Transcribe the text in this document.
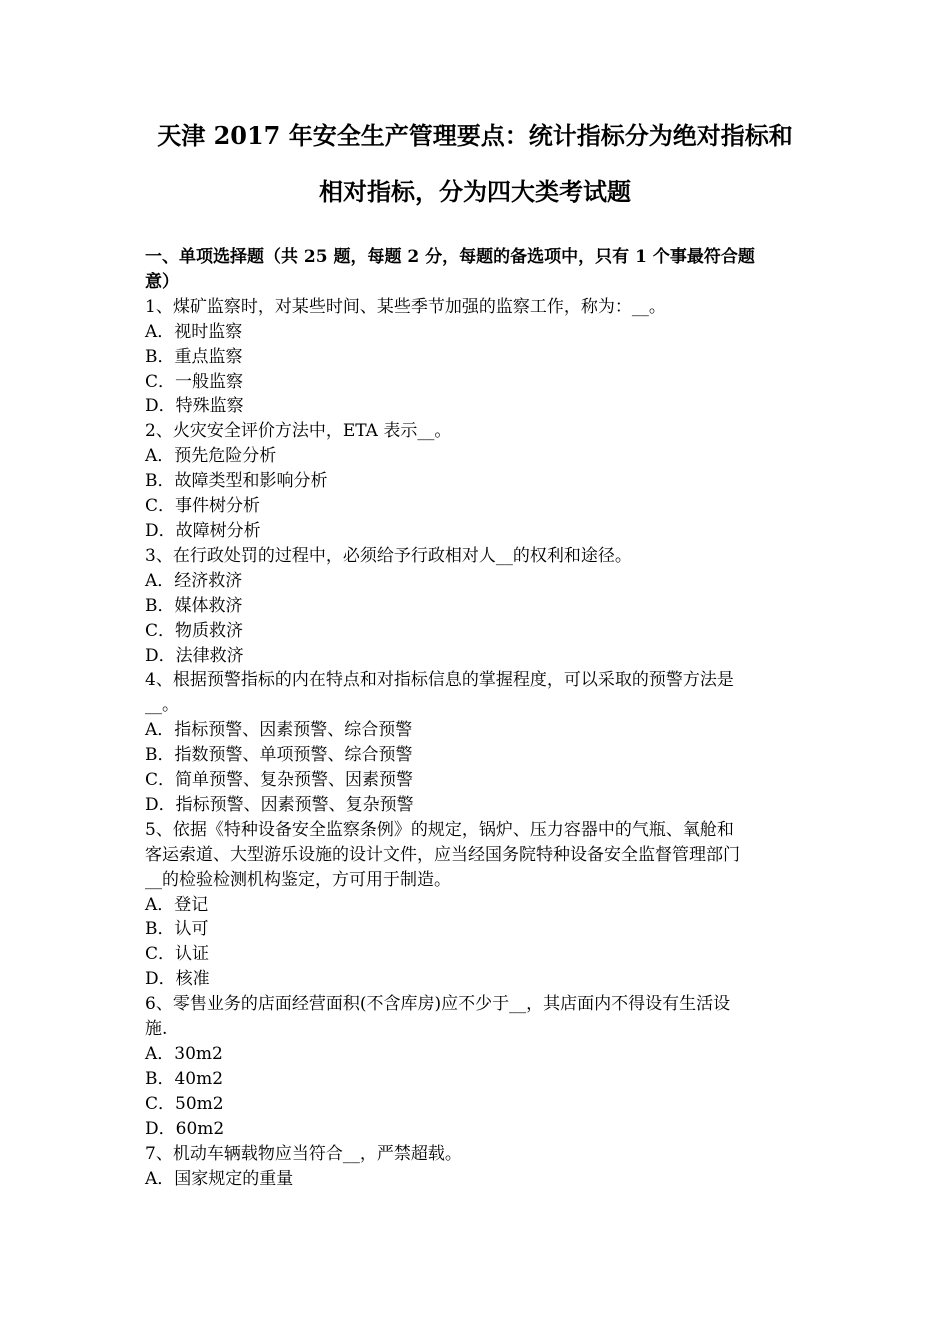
天津 2017 年安全生产管理要点：统计指标分为绝对指标和
相对指标，分为四大类考试题
一、单项选择题（共 25 题，每题 2 分，每题的备选项中，只有 1 个事最符合题
意）
1、煤矿监察时，对某些时间、某些季节加强的监察工作，称为：__。
A．视时监察
B．重点监察
C．一般监察
D．特殊监察
2、火灾安全评价方法中，ETA 表示__。
A．预先危险分析
B．故障类型和影响分析
C．事件树分析
D．故障树分析
3、在行政处罚的过程中，必须给予行政相对人__的权利和途径。
A．经济救济
B．媒体救济
C．物质救济
D．法律救济
4、根据预警指标的内在特点和对指标信息的掌握程度，可以采取的预警方法是
__。
A．指标预警、因素预警、综合预警
B．指数预警、单项预警、综合预警
C．简单预警、复杂预警、因素预警
D．指标预警、因素预警、复杂预警
5、依据《特种设备安全监察条例》的规定，锅炉、压力容器中的气瓶、氧舱和
客运索道、大型游乐设施的设计文件，应当经国务院特种设备安全监督管理部门
__的检验检测机构鉴定，方可用于制造。
A．登记
B．认可
C．认证
D．核准
6、零售业务的店面经营面积(不含库房)应不少于__，其店面内不得设有生活设
施.
A．30m2
B．40m2
C．50m2
D．60m2
7、机动车辆载物应当符合__，严禁超载。
A．国家规定的重量
